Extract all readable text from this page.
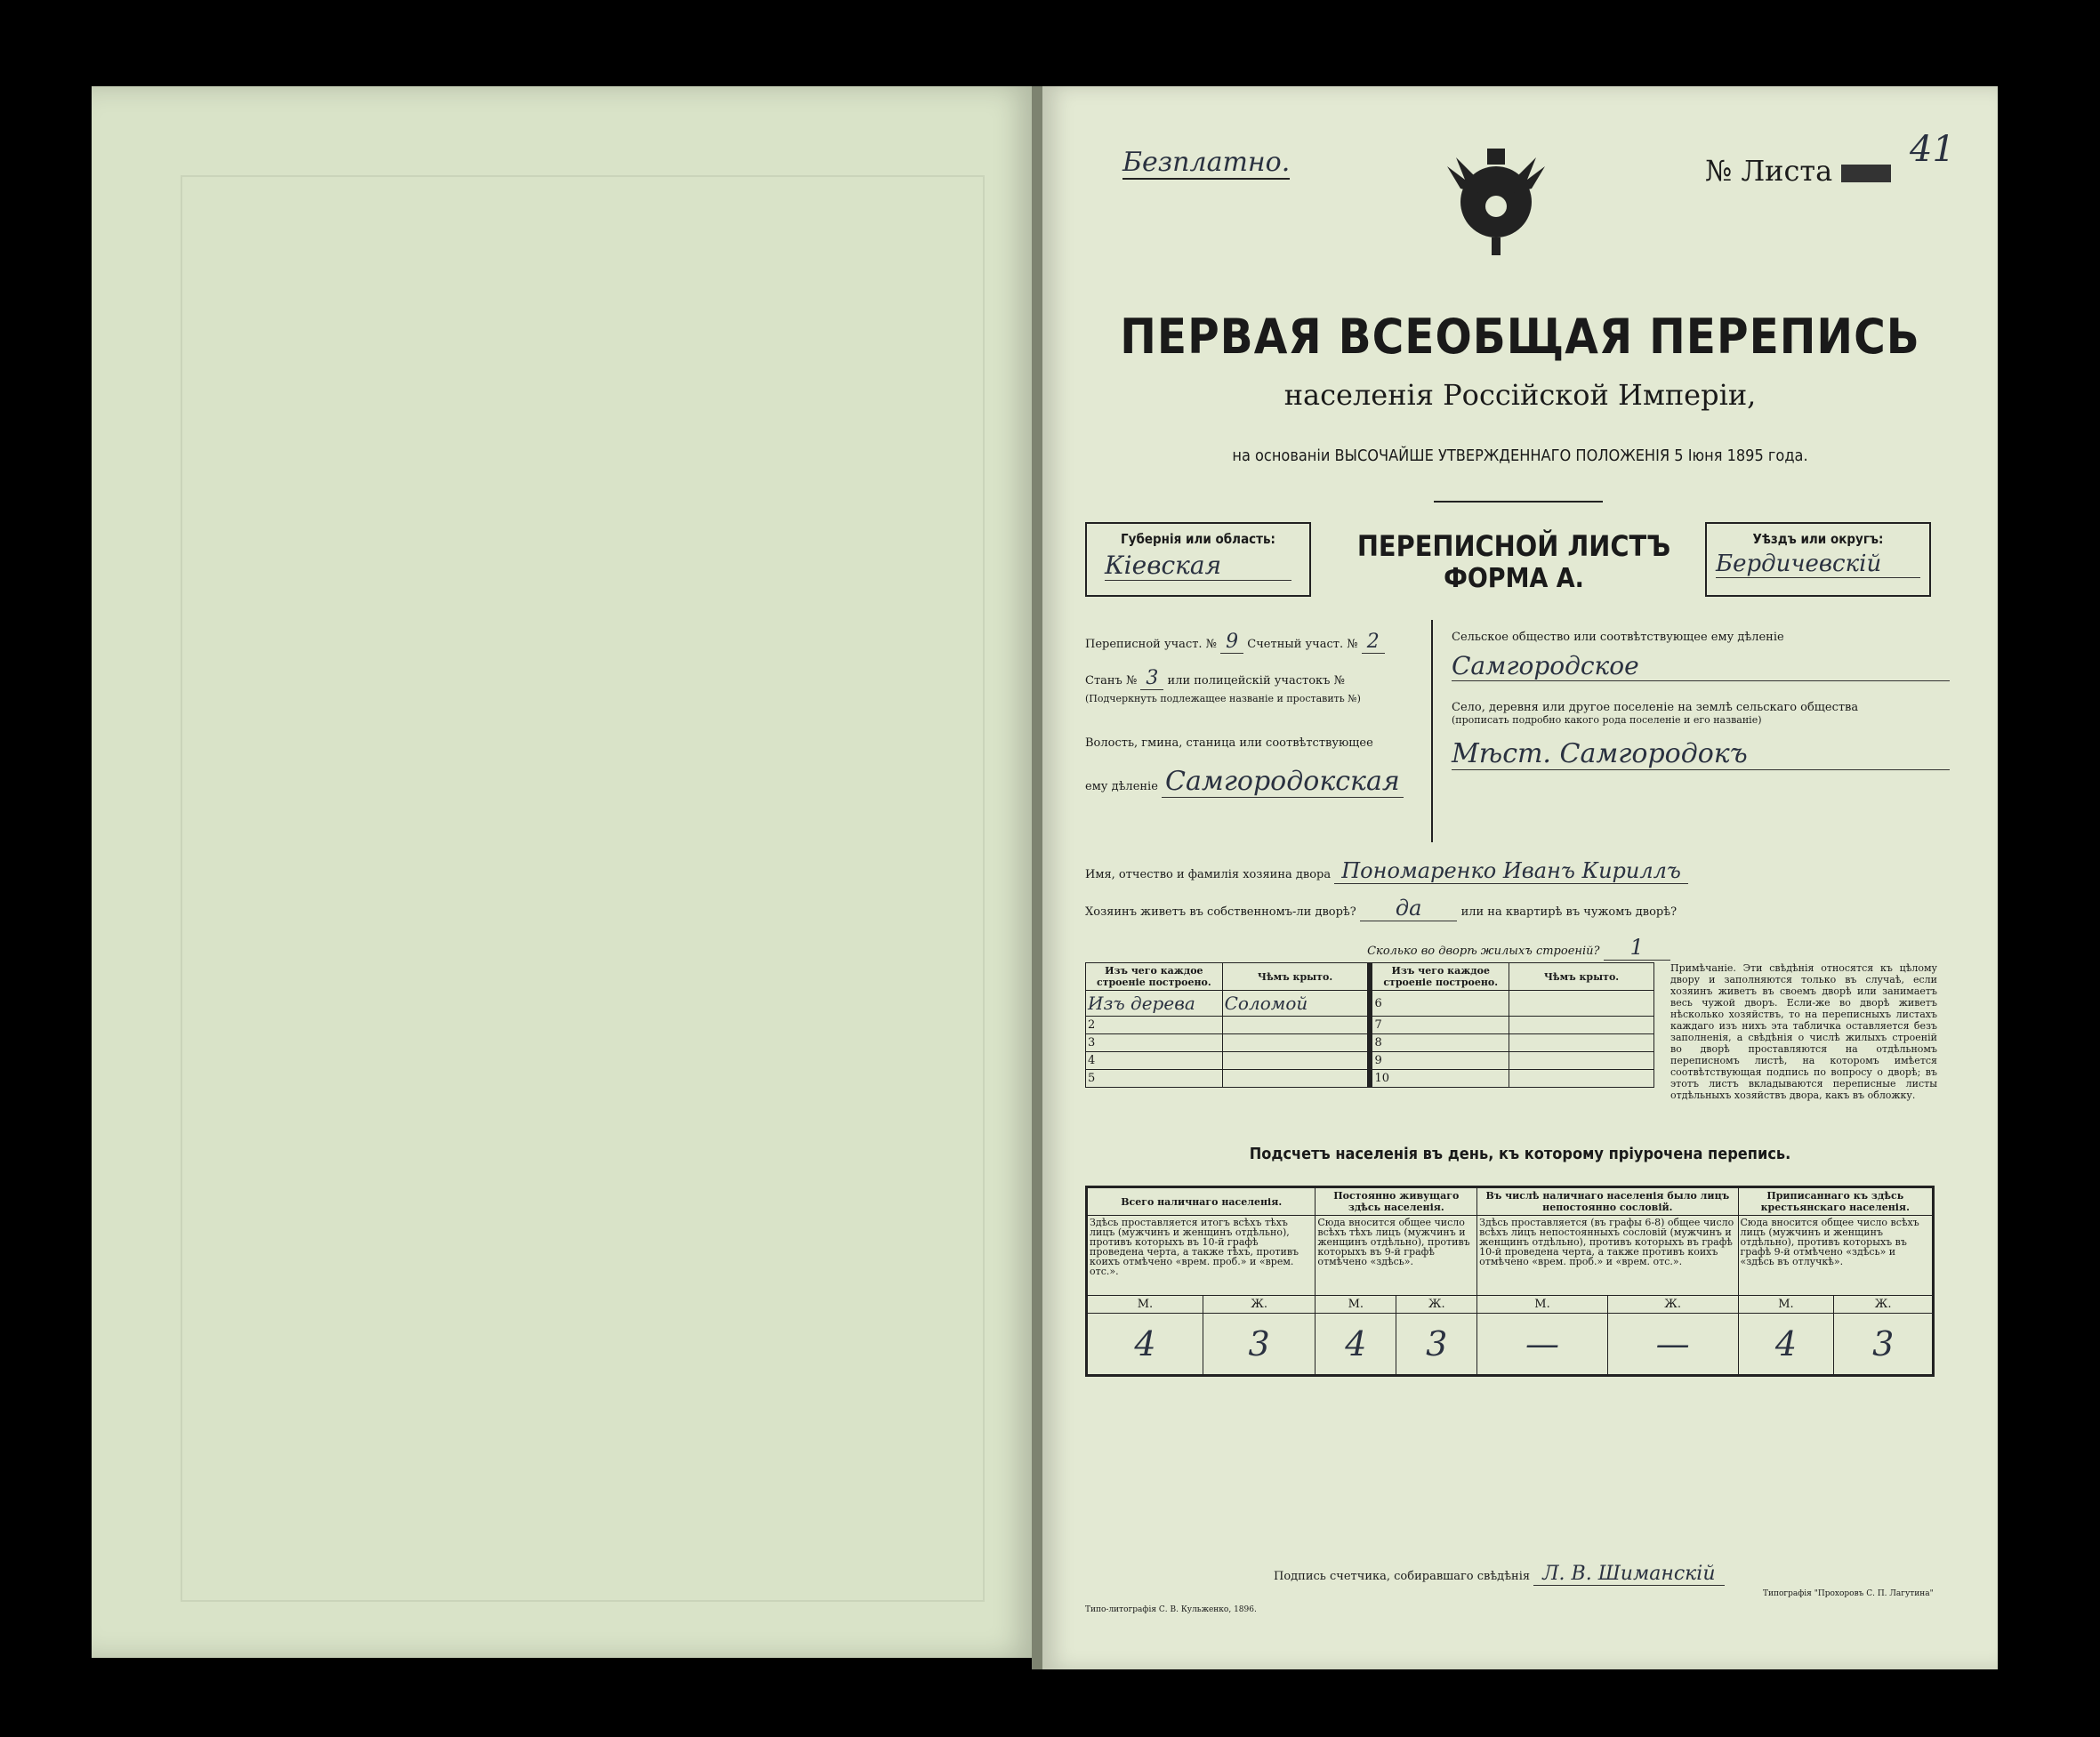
Безплатно.	№ Листа
41
ПЕРВАЯ ВСЕОБЩАЯ ПЕРЕПИСЬ
населенія Россійской Имперіи,
на основаніи ВЫСОЧАЙШЕ УТВЕРЖДЕННАГО ПОЛОЖЕНІЯ 5 Іюня 1895 года.
Губернія или область:
Кіевская
ПЕРЕПИСНОЙ ЛИСТЪ
ФОРМА А.
Уѣздъ или округъ:
Бердичевскій
Переписной участ. № 9 Счетный участ. № 2
Станъ № 3 или полицейскій участокъ №
(Подчеркнуть подлежащее названіе и проставить №)
Волость, гмина, станица или соотвѣтствующее
ему дѣленіе Самгородокская
Сельское общество или соотвѣтствующее ему дѣленіе
Самгородское
Село, деревня или другое поселеніе на землѣ сельскаго общества
(прописать подробно какого рода поселеніе и его названіе)
Мѣст. Самгородокъ
Имя, отчество и фамилія хозяина двора Пономаренко Иванъ Кириллъ
Хозяинъ живетъ въ собственномъ-ли дворѣ? да	или на квартирѣ въ чужомъ дворѣ?
Сколько во дворѣ жилыхъ строеній? 1
Изъ чего каждое строеніе построено.	Чѣмъ крыто.	Изъ чего каждое строеніе построено.	Чѣмъ крыто.
Изъ дерева	Соломой	6	
2		7	
3		8	
4		9	
5		10	
Примѣчаніе. Эти свѣдѣнія относятся къ цѣлому двору и заполняются только въ случаѣ, если хозяинъ живетъ въ своемъ дворѣ или занимаетъ весь чужой дворъ. Если-же во дворѣ живетъ нѣсколько хозяйствъ, то на переписныхъ листахъ каждаго изъ нихъ эта табличка оставляется безъ заполненія, а свѣдѣнія о числѣ жилыхъ строеній во дворѣ проставляются на отдѣльномъ переписномъ листѣ, на которомъ имѣется соотвѣтствующая подпись по вопросу о дворѣ; въ этотъ листъ вкладываются переписные листы отдѣльныхъ хозяйствъ двора, какъ въ обложку.
Подсчетъ населенія въ день, къ которому пріурочена перепись.
Всего наличнаго населенія.		Постоянно живущаго здѣсь населенія.		Въ числѣ наличнаго населенія было лицъ непостоянно сословій.		Приписаннаго къ здѣсь крестьянскаго населенія.	
Здѣсь проставляется итогъ всѣхъ тѣхъ лицъ (мужчинъ и женщинъ отдѣльно), противъ которыхъ въ 10-й графѣ проведена черта, а также тѣхъ, противъ коихъ отмѣчено «врем. проб.» и «врем. отс.».		Сюда вносится общее число всѣхъ тѣхъ лицъ (мужчинъ и женщинъ отдѣльно), противъ которыхъ въ 9-й графѣ отмѣчено «здѣсь».		Здѣсь проставляется (въ графы 6-8) общее число всѣхъ лицъ непостоянныхъ сословій (мужчинъ и женщинъ отдѣльно), противъ которыхъ въ графѣ 10-й проведена черта, а также противъ коихъ отмѣчено «врем. проб.» и «врем. отс.».		Сюда вносится общее число всѣхъ лицъ (мужчинъ и женщинъ отдѣльно), противъ которыхъ въ графѣ 9-й отмѣчено «здѣсь» и «здѣсь въ отлучкѣ».	
М.	Ж.	М.	Ж.	М.	Ж.	М.	Ж.
4	3	4	3	—	—	4	3
Подпись счетчика, собиравшаго свѣдѣнія Л. В. Шиманскій
Типо-литографія С. В. Кульженко, 1896.
Типографія "Прохоровъ С. П. Лагутина"
